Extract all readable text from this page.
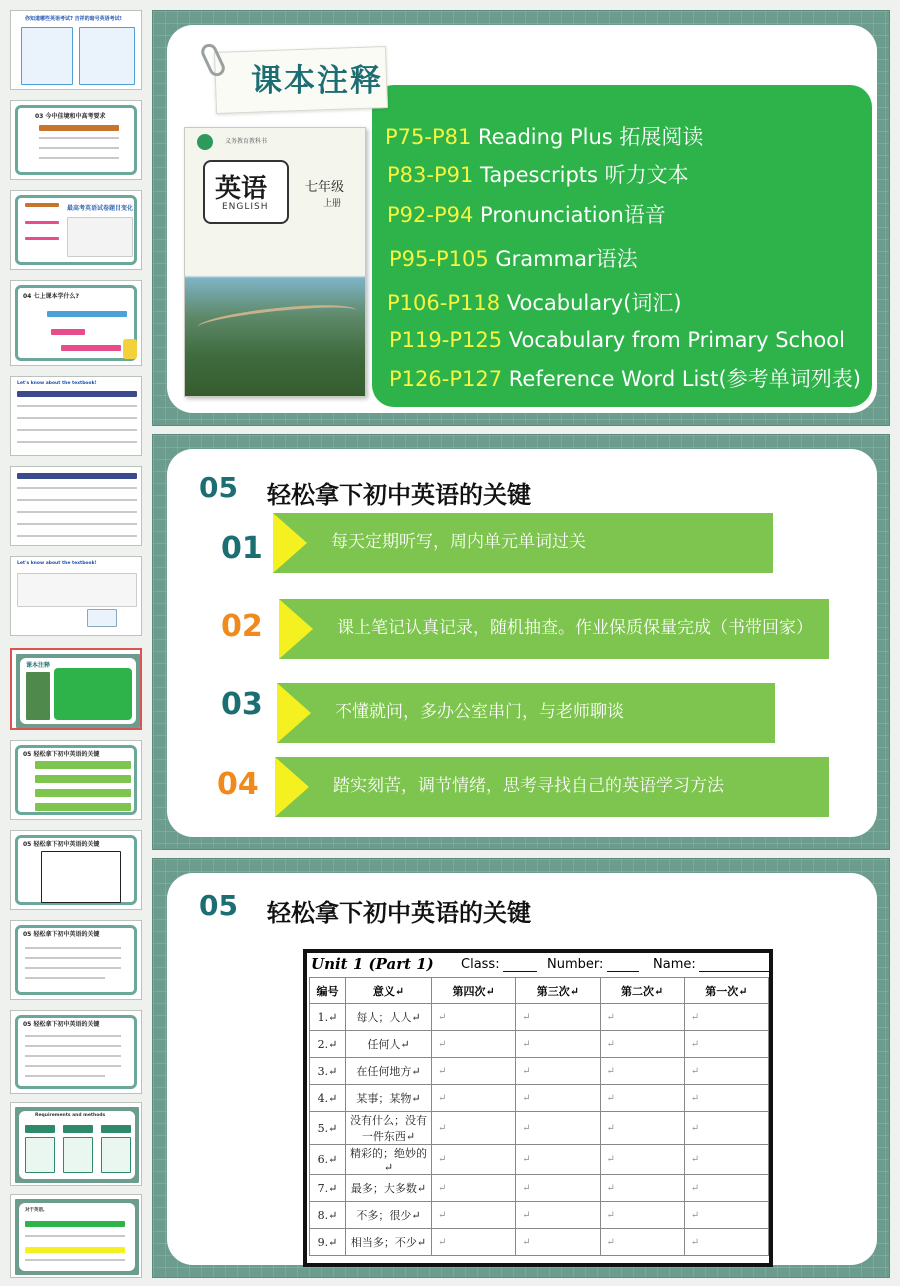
你知道哪些英语考试? 吉祥的暗号英语考试!
03 今中佳境和中高考要求
最高考英语试卷题目变化
04 七上课本学什么?
Let's know about the textbook!
Let's know about the textbook!
课本注释
05 轻松拿下初中英语的关键
05 轻松拿下初中英语的关键
05 轻松拿下初中英语的关键
05 轻松拿下初中英语的关键
Requirements and methods
对于英语,
课本注释
义务教育教科书
英语
ENGLISH
七年级
上册
P75-P81 Reading Plus 拓展阅读
P83-P91 Tapescripts 听力文本
P92-P94 Pronunciation语音
P95-P105 Grammar语法
P106-P118 Vocabulary(词汇)
P119-P125 Vocabulary from Primary School
P126-P127 Reference Word List(参考单词列表)
05 轻松拿下初中英语的关键
01	每天定期听写，周内单元单词过关
02	课上笔记认真记录，随机抽查。作业保质保量完成（书带回家）
03	不懂就问，多办公室串门，与老师聊谈
04	踏实刻苦，调节情绪，思考寻找自己的英语学习方法
05 轻松拿下初中英语的关键
Unit 1 (Part 1) Class:	Number:	Name:
编号	意义↵	第四次↵	第三次↵	第二次↵	第一次↵
1.↵	每人；人人↵	↵	↵	↵	↵
2.↵	任何人↵	↵	↵	↵	↵
3.↵	在任何地方↵	↵	↵	↵	↵
4.↵	某事；某物↵	↵	↵	↵	↵
5.↵	没有什么；没有一件东西↵	↵	↵	↵	↵
6.↵	精彩的；绝妙的↵	↵	↵	↵	↵
7.↵	最多；大多数↵	↵	↵	↵	↵
8.↵	不多；很少↵	↵	↵	↵	↵
9.↵	相当多；不少↵	↵	↵	↵	↵
